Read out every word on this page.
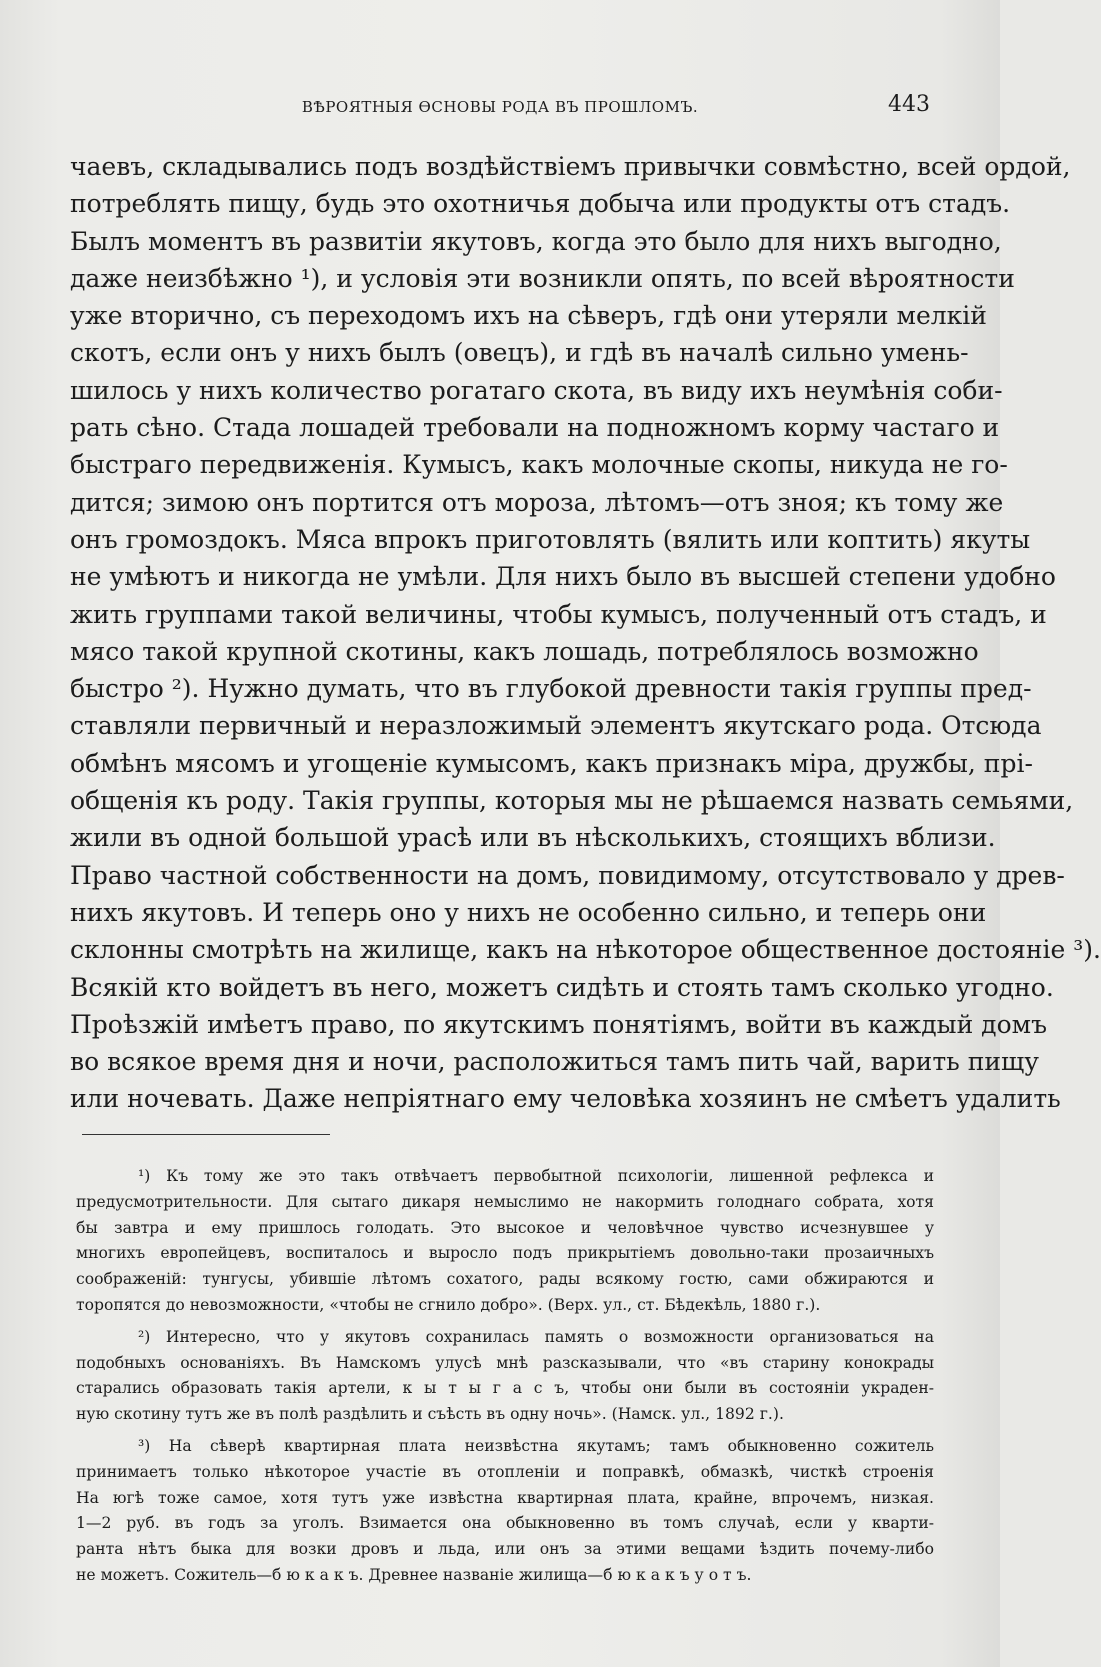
ВѢРОЯТНЫЯ ѲСНОВЫ РОДА ВЪ ПРОШЛОМЪ.	443
чаевъ, складывались подъ воздѣйствіемъ привычки совмѣстно, всей ордой,
потреблять пищу, будь это охотничья добыча или продукты отъ стадъ.
Былъ моментъ въ развитіи якутовъ, когда это было для нихъ выгодно,
даже неизбѣжно ¹), и условія эти возникли опять, по всей вѣроятности
уже вторично, съ переходомъ ихъ на сѣверъ, гдѣ они утеряли мелкій
скотъ, если онъ у нихъ былъ (овецъ), и гдѣ въ началѣ сильно умень-
шилось у нихъ количество рогатаго скота, въ виду ихъ неумѣнія соби-
рать сѣно. Стада лошадей требовали на подножномъ корму частаго и
быстраго передвиженія. Кумысъ, какъ молочные скопы, никуда не го-
дится; зимою онъ портится отъ мороза, лѣтомъ—отъ зноя; къ тому же
онъ громоздокъ. Мяса впрокъ приготовлять (вялить или коптить) якуты
не умѣютъ и никогда не умѣли. Для нихъ было въ высшей степени удобно
жить группами такой величины, чтобы кумысъ, полученный отъ стадъ, и
мясо такой крупной скотины, какъ лошадь, потреблялось возможно
быстро ²). Нужно думать, что въ глубокой древности такія группы пред-
ставляли первичный и неразложимый элементъ якутскаго рода. Отсюда
обмѣнъ мясомъ и угощеніе кумысомъ, какъ признакъ міра, дружбы, прі-
общенія къ роду. Такія группы, которыя мы не рѣшаемся назвать семьями,
жили въ одной большой урасѣ или въ нѣсколькихъ, стоящихъ вблизи.
Право частной собственности на домъ, повидимому, отсутствовало у древ-
нихъ якутовъ. И теперь оно у нихъ не особенно сильно, и теперь они
склонны смотрѣть на жилище, какъ на нѣкоторое общественное достояніе ³).
Всякій кто войдетъ въ него, можетъ сидѣть и стоять тамъ сколько угодно.
Проѣзжій имѣетъ право, по якутскимъ понятіямъ, войти въ каждый домъ
во всякое время дня и ночи, расположиться тамъ пить чай, варить пищу
или ночевать. Даже непріятнаго ему человѣка хозяинъ не смѣетъ удалить
¹) Къ тому же это такъ отвѣчаетъ первобытной психологіи, лишенной рефлекса и
предусмотрительности. Для сытаго дикаря немыслимо не накормить голоднаго собрата, хотя
бы завтра и ему пришлось голодать. Это высокое и человѣчное чувство исчезнувшее у
многихъ европейцевъ, воспиталось и выросло подъ прикрытіемъ довольно-таки прозаичныхъ
соображеній: тунгусы, убившіе лѣтомъ сохатого, рады всякому гостю, сами обжираются и
торопятся до невозможности, «чтобы не сгнило добро». (Верх. ул., ст. Бѣдекѣль, 1880 г.).
²) Интересно, что у якутовъ сохранилась память о возможности организоваться на
подобныхъ основаніяхъ. Въ Намскомъ улусѣ мнѣ разсказывали, что «въ старину конокрады
старались образовать такія артели, к ы т ы г а с ъ, чтобы они были въ состояніи украден-
ную скотину тутъ же въ полѣ раздѣлить и съѣсть въ одну ночь». (Намск. ул., 1892 г.).
³) На сѣверѣ квартирная плата неизвѣстна якутамъ; тамъ обыкновенно сожитель
принимаетъ только нѣкоторое участіе въ отопленіи и поправкѣ, обмазкѣ, чисткѣ строенія
На югѣ тоже самое, хотя тутъ уже извѣстна квартирная плата, крайне, впрочемъ, низкая.
1—2 руб. въ годъ за уголъ. Взимается она обыкновенно въ томъ случаѣ, если у кварти-
ранта нѣтъ быка для возки дровъ и льда, или онъ за этими вещами ѣздить почему-либо
не можетъ. Сожитель—б ю к а к ъ. Древнее названіе жилища—б ю к а к ъ у о т ъ.
